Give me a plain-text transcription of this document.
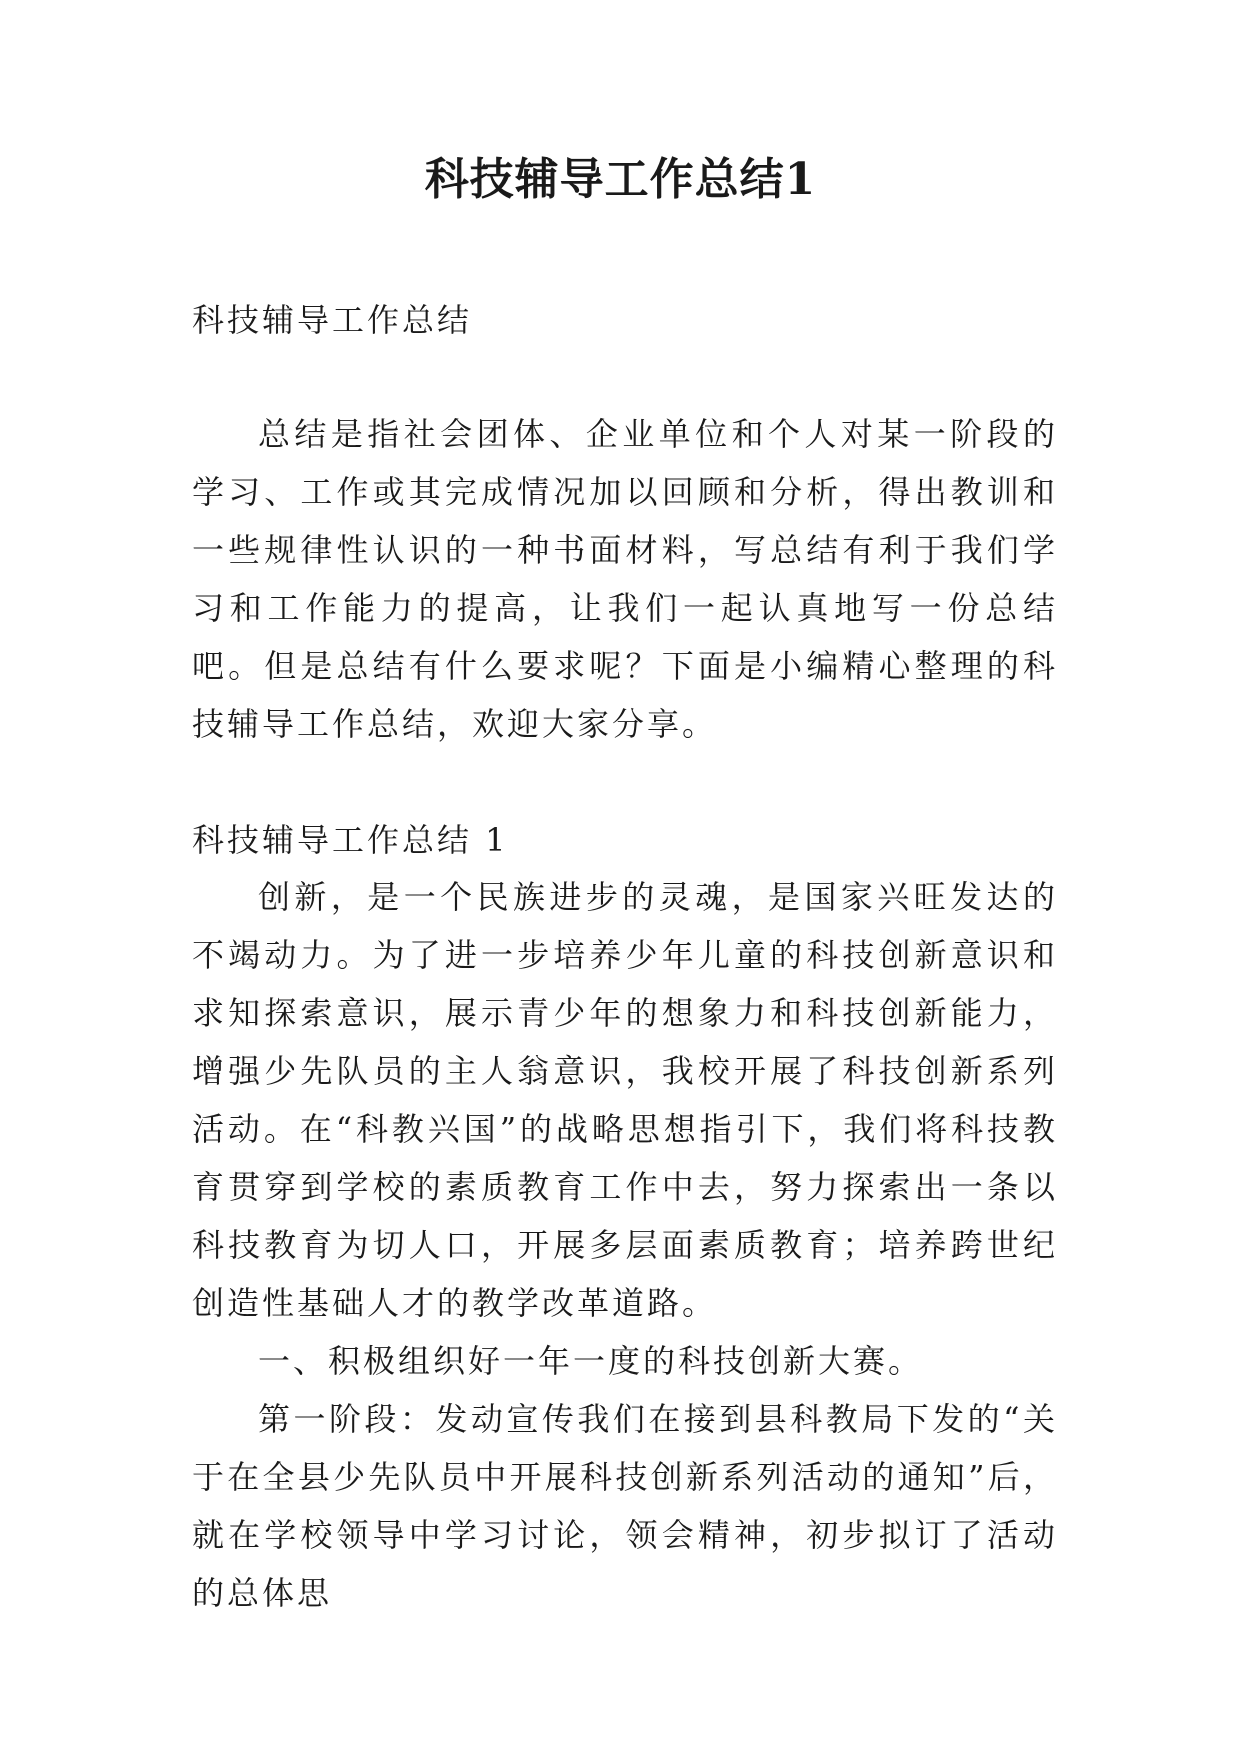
科技辅导工作总结1

科技辅导工作总结

总结是指社会团体、企业单位和个人对某一阶段的学习、工作或其完成情况加以回顾和分析，得出教训和一些规律性认识的一种书面材料，写总结有利于我们学习和工作能力的提高，让我们一起认真地写一份总结吧。但是总结有什么要求呢？下面是小编精心整理的科技辅导工作总结，欢迎大家分享。

科技辅导工作总结 1

创新，是一个民族进步的灵魂，是国家兴旺发达的不竭动力。为了进一步培养少年儿童的科技创新意识和求知探索意识，展示青少年的想象力和科技创新能力，增强少先队员的主人翁意识，我校开展了科技创新系列活动。在“科教兴国”的战略思想指引下，我们将科技教育贯穿到学校的素质教育工作中去，努力探索出一条以科技教育为切人口，开展多层面素质教育；培养跨世纪创造性基础人才的教学改革道路。

一、积极组织好一年一度的科技创新大赛。

第一阶段：发动宣传我们在接到县科教局下发的“关于在全县少先队员中开展科技创新系列活动的通知”后，就在学校领导中学习讨论，领会精神，初步拟订了活动的总体思
